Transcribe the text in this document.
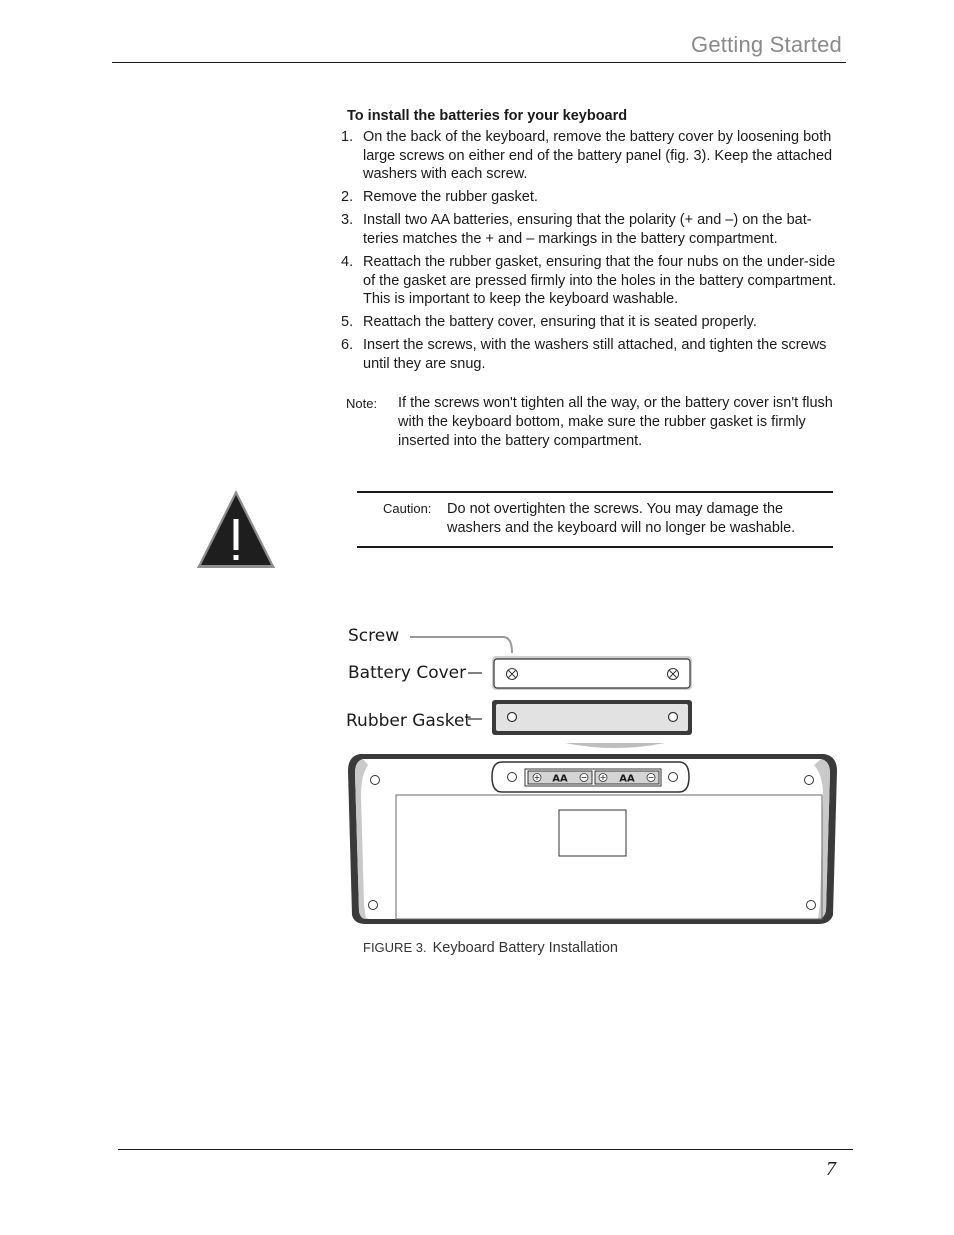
Getting Started
To install the batteries for your keyboard
1. On the back of the keyboard, remove the battery cover by loosening both large screws on either end of the battery panel (fig. 3). Keep the attached washers with each screw.
2. Remove the rubber gasket.
3. Install two AA batteries, ensuring that the polarity (+ and –) on the bat-teries matches the + and – markings in the battery compartment.
4. Reattach the rubber gasket, ensuring that the four nubs on the under-side of the gasket are pressed firmly into the holes in the battery compartment. This is important to keep the keyboard washable.
5. Reattach the battery cover, ensuring that it is seated properly.
6. Insert the screws, with the washers still attached, and tighten the screws until they are snug.
Note:	If the screws won't tighten all the way, or the battery cover isn't flush with the keyboard bottom, make sure the rubber gasket is firmly inserted into the battery compartment.
Caution:	Do not overtighten the screws. You may damage the washers and the keyboard will no longer be washable.
Screw
Battery Cover
Rubber Gasket
AA	AA
FIGURE 3. Keyboard Battery Installation
7
